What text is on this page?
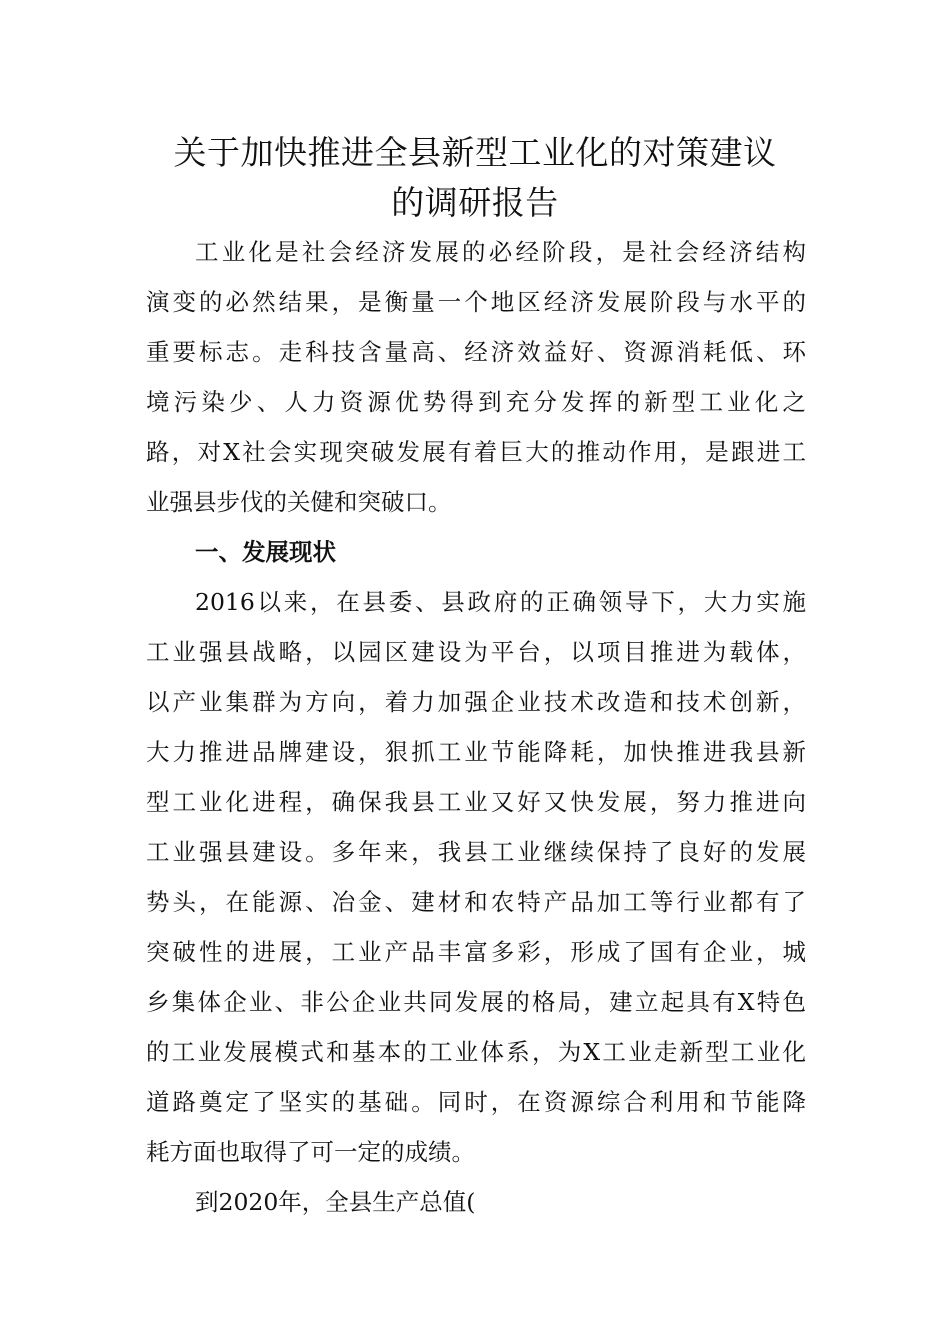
关于加快推进全县新型工业化的对策建议
的调研报告
工业化是社会经济发展的必经阶段，是社会经济结构
演变的必然结果，是衡量一个地区经济发展阶段与水平的
重要标志。走科技含量高、经济效益好、资源消耗低、环
境污染少、人力资源优势得到充分发挥的新型工业化之
路，对X社会实现突破发展有着巨大的推动作用，是跟进工
业强县步伐的关健和突破口。
一、发展现状
2016以来，在县委、县政府的正确领导下，大力实施
工业强县战略，以园区建设为平台，以项目推进为载体，
以产业集群为方向，着力加强企业技术改造和技术创新，
大力推进品牌建设，狠抓工业节能降耗，加快推进我县新
型工业化进程，确保我县工业又好又快发展，努力推进向
工业强县建设。多年来，我县工业继续保持了良好的发展
势头，在能源、冶金、建材和农特产品加工等行业都有了
突破性的进展，工业产品丰富多彩，形成了国有企业，城
乡集体企业、非公企业共同发展的格局，建立起具有X特色
的工业发展模式和基本的工业体系，为X工业走新型工业化
道路奠定了坚实的基础。同时，在资源综合利用和节能降
耗方面也取得了可一定的成绩。
到2020年，全县生产总值(
